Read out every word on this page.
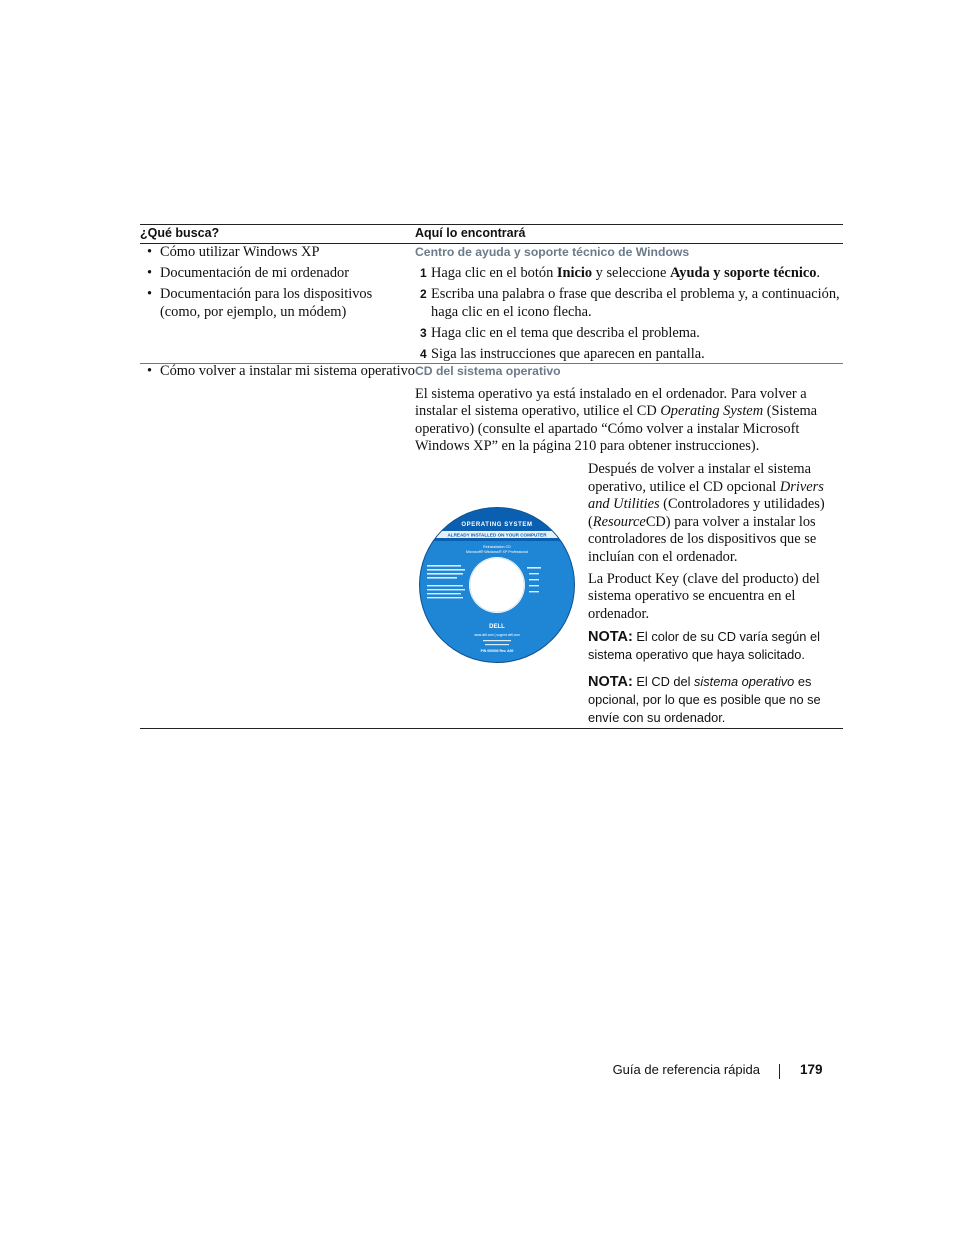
¿Qué busca?	Aquí lo encontrará

• Cómo utilizar Windows XP

• Documentación de mi ordenador

• Documentación para los dispositivos (como, por ejemplo, un módem)

Centro de ayuda y soporte técnico de Windows
1 Haga clic en el botón Inicio y seleccione Ayuda y soporte técnico.
2 Escriba una palabra o frase que describa el problema y, a continuación, haga clic en el icono flecha.
3 Haga clic en el tema que describa el problema.
4 Siga las instrucciones que aparecen en pantalla.

• Cómo volver a instalar mi sistema operativo CD del sistema operativo
El sistema operativo ya está instalado en el ordenador. Para volver a instalar el sistema operativo, utilice el CD Operating System (Sistema operativo) (consulte el apartado “Cómo volver a instalar Microsoft Windows XP” en la página 210 para obtener instrucciones).
OPERATING SYSTEM
ALREADY INSTALLED ON YOUR COMPUTER
Reinstallation CD
Microsoft® Windows® XP Professional
DELL
www.dell.com | support.dell.com
P/N 000000 Rev. A00
Después de volver a instalar el sistema operativo, utilice el CD opcional Drivers and Utilities (Controladores y utilidades) (ResourceCD) para volver a instalar los controladores de los dispositivos que se incluían con el ordenador.
La Product Key (clave del producto) del sistema operativo se encuentra en el ordenador.
NOTA: El color de su CD varía según el sistema operativo que haya solicitado.
NOTA: El CD del sistema operativo es opcional, por lo que es posible que no se envíe con su ordenador.
Guía de referencia rápida	179
